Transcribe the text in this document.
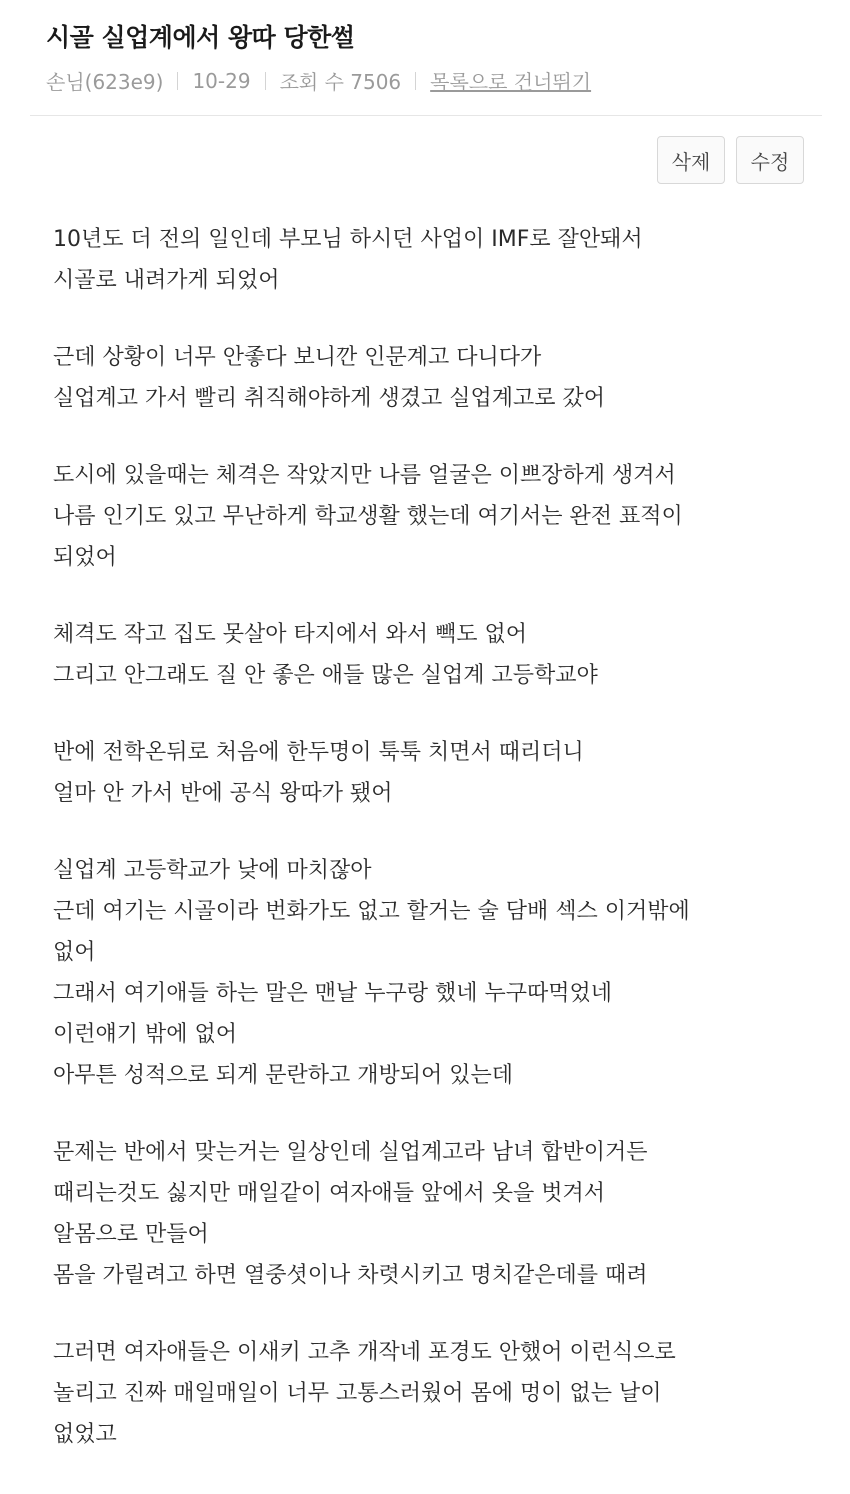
시골 실업계에서 왕따 당한썰
손님(623e9) 10-29 조회 수 7506 목록으로 건너뛰기
삭제	수정

10년도 더 전의 일인데 부모님 하시던 사업이 IMF로 잘안돼서
시골로 내려가게 되었어

근데 상황이 너무 안좋다 보니깐 인문계고 다니다가
실업계고 가서 빨리 취직해야하게 생겼고 실업계고로 갔어

도시에 있을때는 체격은 작았지만 나름 얼굴은 이쁘장하게 생겨서
나름 인기도 있고 무난하게 학교생활 했는데 여기서는 완전 표적이
되었어

체격도 작고 집도 못살아 타지에서 와서 빽도 없어
그리고 안그래도 질 안 좋은 애들 많은 실업계 고등학교야

반에 전학온뒤로 처음에 한두명이 툭툭 치면서 때리더니
얼마 안 가서 반에 공식 왕따가 됐어

실업계 고등학교가 낮에 마치잖아
근데 여기는 시골이라 번화가도 없고 할거는 술 담배 섹스 이거밖에
없어
그래서 여기애들 하는 말은 맨날 누구랑 했네 누구따먹었네
이런얘기 밖에 없어
아무튼 성적으로 되게 문란하고 개방되어 있는데

문제는 반에서 맞는거는 일상인데 실업계고라 남녀 합반이거든
때리는것도 싫지만 매일같이 여자애들 앞에서 옷을 벗겨서
알몸으로 만들어
몸을 가릴려고 하면 열중셧이나 차렷시키고 명치같은데를 때려

그러면 여자애들은 이새키 고추 개작네 포경도 안했어 이런식으로
놀리고 진짜 매일매일이 너무 고통스러웠어 몸에 멍이 없는 날이
없었고
